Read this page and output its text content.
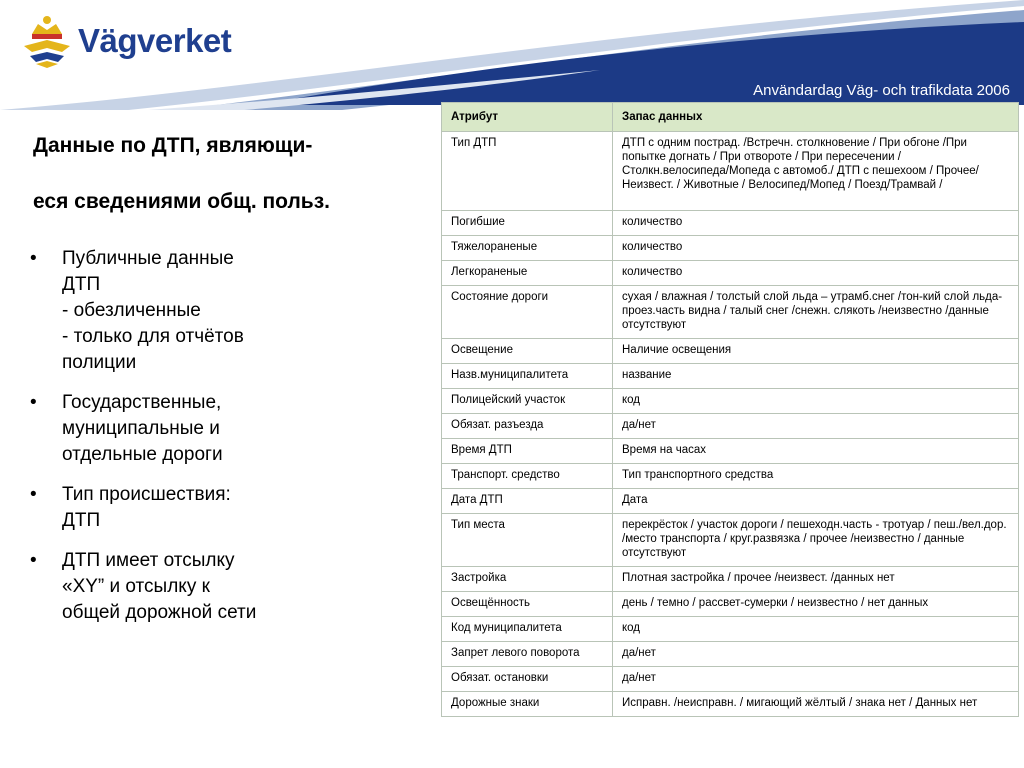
Vägverket
Användardag Väg- och trafikdata 2006
Данные по ДТП, являющи-
еся сведениями общ. польз.
• Публичные данные
ДТП
- обезличенные
- только для отчётов
полиции
• Государственные,
муниципальные и
отдельные дороги
• Тип происшествия:
ДТП
• ДТП имеет отсылку
«XY” и отсылку к
общей дорожной сети
Атрибут	Запас данных
Тип ДТП	ДТП с одним пострад. /Встречн. столкновение / При обгоне /При попытке догнать / При отвороте / При пересечении / Столкн.велосипеда/Мопеда с автомоб./ ДТП с пешехоом / Прочее/Неизвест. / Животные / Велосипед/Мопед / Поезд/Трамвай /
Погибшие	количество
Тяжелораненые	количество
Легкораненые	количество
Состояние дороги	сухая / влажная / толстый слой льда – утрамб.снег /тон-кий слой льда-проез.часть видна / талый снег /снежн. слякоть /неизвестно /данные отсутствуют
Освещение	Наличие освещения
Назв.муниципалитета	название
Полицейский участок	код
Обязат. разъезда	да/нет
Время ДТП	Время на часах
Транспорт. средство	Тип транспортного средства
Дата ДТП	Дата
Тип места	перекрёсток / участок дороги / пешеходн.часть - тротуар / пеш./вел.дор. /место транспорта / круг.развязка / прочее /неизвестно / данные отсутствуют
Застройка	Плотная застройка / прочее /неизвест. /данных нет
Освещённость	день / темно / рассвет-сумерки / неизвестно / нет данных
Код муниципалитета	код
Запрет левого поворота	да/нет
Обязат. остановки	да/нет
Дорожные знаки	Исправн. /неисправн. / мигающий жёлтый / знака нет / Данных нет
